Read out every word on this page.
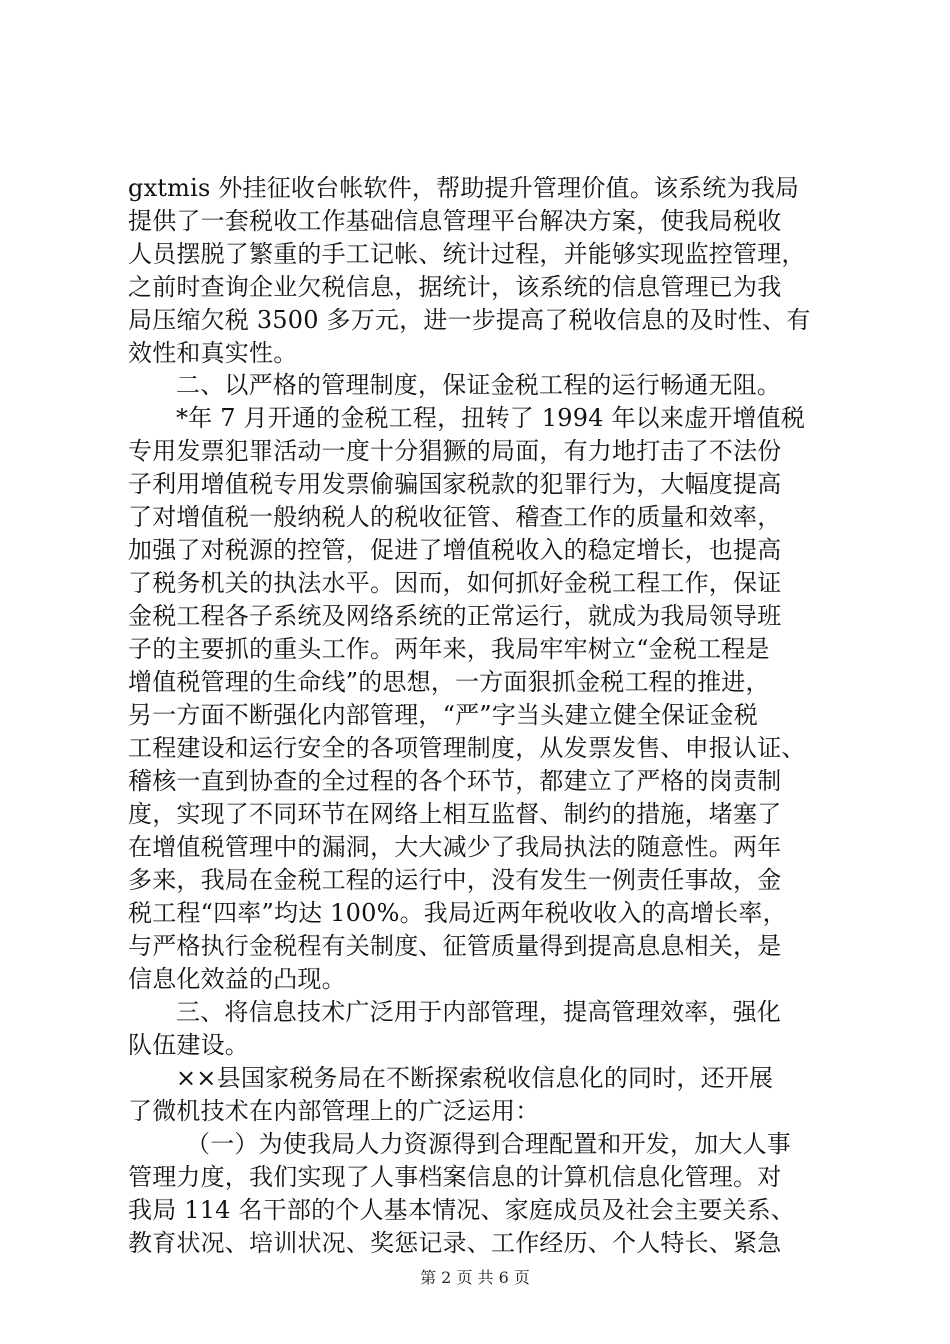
gxtmis 外挂征收台帐软件，帮助提升管理价值。该系统为我局
提供了一套税收工作基础信息管理平台解决方案，使我局税收
人员摆脱了繁重的手工记帐、统计过程，并能够实现监控管理，
之前时查询企业欠税信息，据统计，该系统的信息管理已为我
局压缩欠税 3500 多万元，进一步提高了税收信息的及时性、有
效性和真实性。
二、以严格的管理制度，保证金税工程的运行畅通无阻。
*年 7 月开通的金税工程，扭转了 1994 年以来虚开增值税
专用发票犯罪活动一度十分猖獗的局面，有力地打击了不法份
子利用增值税专用发票偷骗国家税款的犯罪行为，大幅度提高
了对增值税一般纳税人的税收征管、稽查工作的质量和效率，
加强了对税源的控管，促进了增值税收入的稳定增长，也提高
了税务机关的执法水平。因而，如何抓好金税工程工作，保证
金税工程各子系统及网络系统的正常运行，就成为我局领导班
子的主要抓的重头工作。两年来，我局牢牢树立“金税工程是
增值税管理的生命线”的思想，一方面狠抓金税工程的推进，
另一方面不断强化内部管理，“严”字当头建立健全保证金税
工程建设和运行安全的各项管理制度，从发票发售、申报认证、
稽核一直到协查的全过程的各个环节，都建立了严格的岗责制
度，实现了不同环节在网络上相互监督、制约的措施，堵塞了
在增值税管理中的漏洞，大大减少了我局执法的随意性。两年
多来，我局在金税工程的运行中，没有发生一例责任事故，金
税工程“四率”均达 100%。我局近两年税收收入的高增长率，
与严格执行金税程有关制度、征管质量得到提高息息相关，是
信息化效益的凸现。
三、将信息技术广泛用于内部管理，提高管理效率，强化
队伍建设。
××县国家税务局在不断探索税收信息化的同时，还开展
了微机技术在内部管理上的广泛运用：
（一）为使我局人力资源得到合理配置和开发，加大人事
管理力度，我们实现了人事档案信息的计算机信息化管理。对
我局 114 名干部的个人基本情况、家庭成员及社会主要关系、
教育状况、培训状况、奖惩记录、工作经历、个人特长、紧急
第 2 页 共 6 页
